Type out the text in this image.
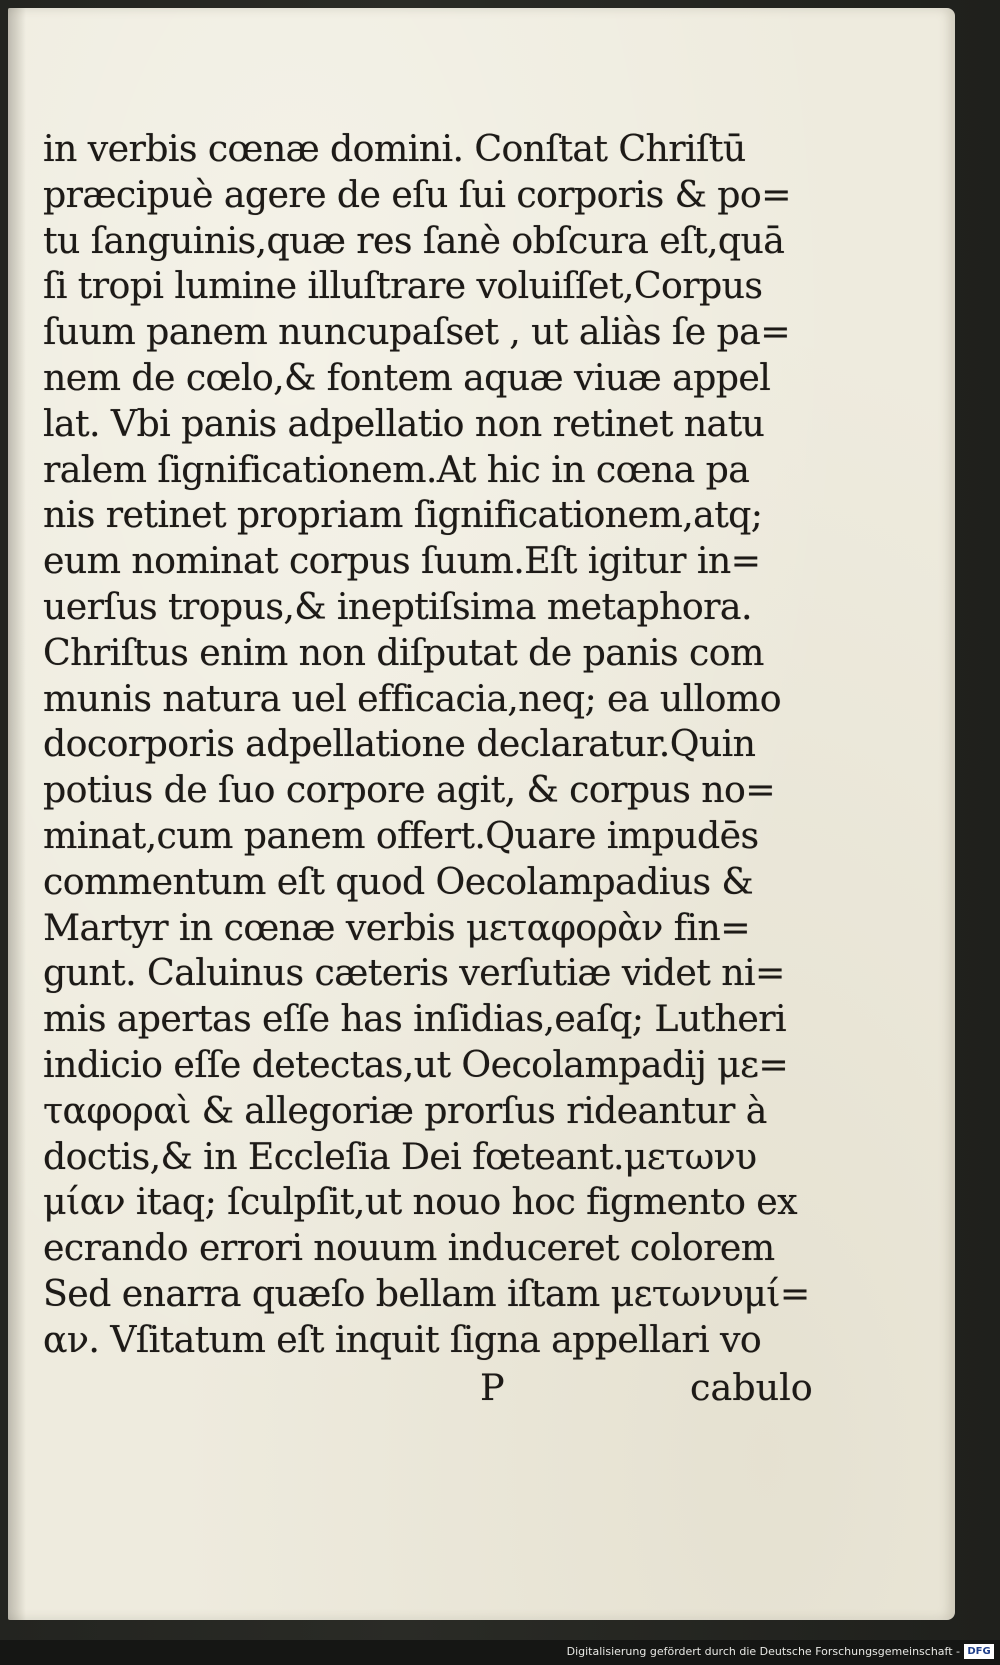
in verbis cœnæ domini. Conſtat Chriſtū
præcipuè agere de eſu ſui corporis & po=
tu ſanguinis,quæ res ſanè obſcura eſt,quā
ſi tropi lumine illuſtrare voluiſſet,Corpus
ſuum panem nuncupaſset , ut aliàs ſe pa=
nem de cœlo,& fontem aquæ viuæ appel
lat. Vbi panis adpellatio non retinet natu
ralem ſignificationem.At hic in cœna pa
nis retinet propriam ſignificationem,atq;
eum nominat corpus ſuum.Eſt igitur in=
uerſus tropus,& ineptiſsima metaphora.
Chriſtus enim non diſputat de panis com
munis natura uel efficacia,neq; ea ullomo
docorporis adpellatione declaratur.Quin
potius de ſuo corpore agit, & corpus no=
minat,cum panem offert.Quare impudēs
commentum eſt quod Oecolampadius &
Martyr in cœnæ verbis μεταφορὰν fin=
gunt. Caluinus cæteris verſutiæ videt ni=
mis apertas eſſe has inſidias,eaſq; Lutheri
indicio eſſe detectas,ut Oecolampadij με=
ταφοραὶ & allegoriæ prorſus rideantur à
doctis,& in Eccleſia Dei fœteant.μετωνυ
μίαν itaq; ſculpſit,ut nouo hoc figmento ex
ecrando errori nouum induceret colorem
Sed enarra quæſo bellam iſtam μετωνυμί=
αν. Vſitatum eſt inquit ſigna appellari vo
P	cabulo
Digitalisierung gefördert durch die Deutsche Forschungsgemeinschaft - DFG
